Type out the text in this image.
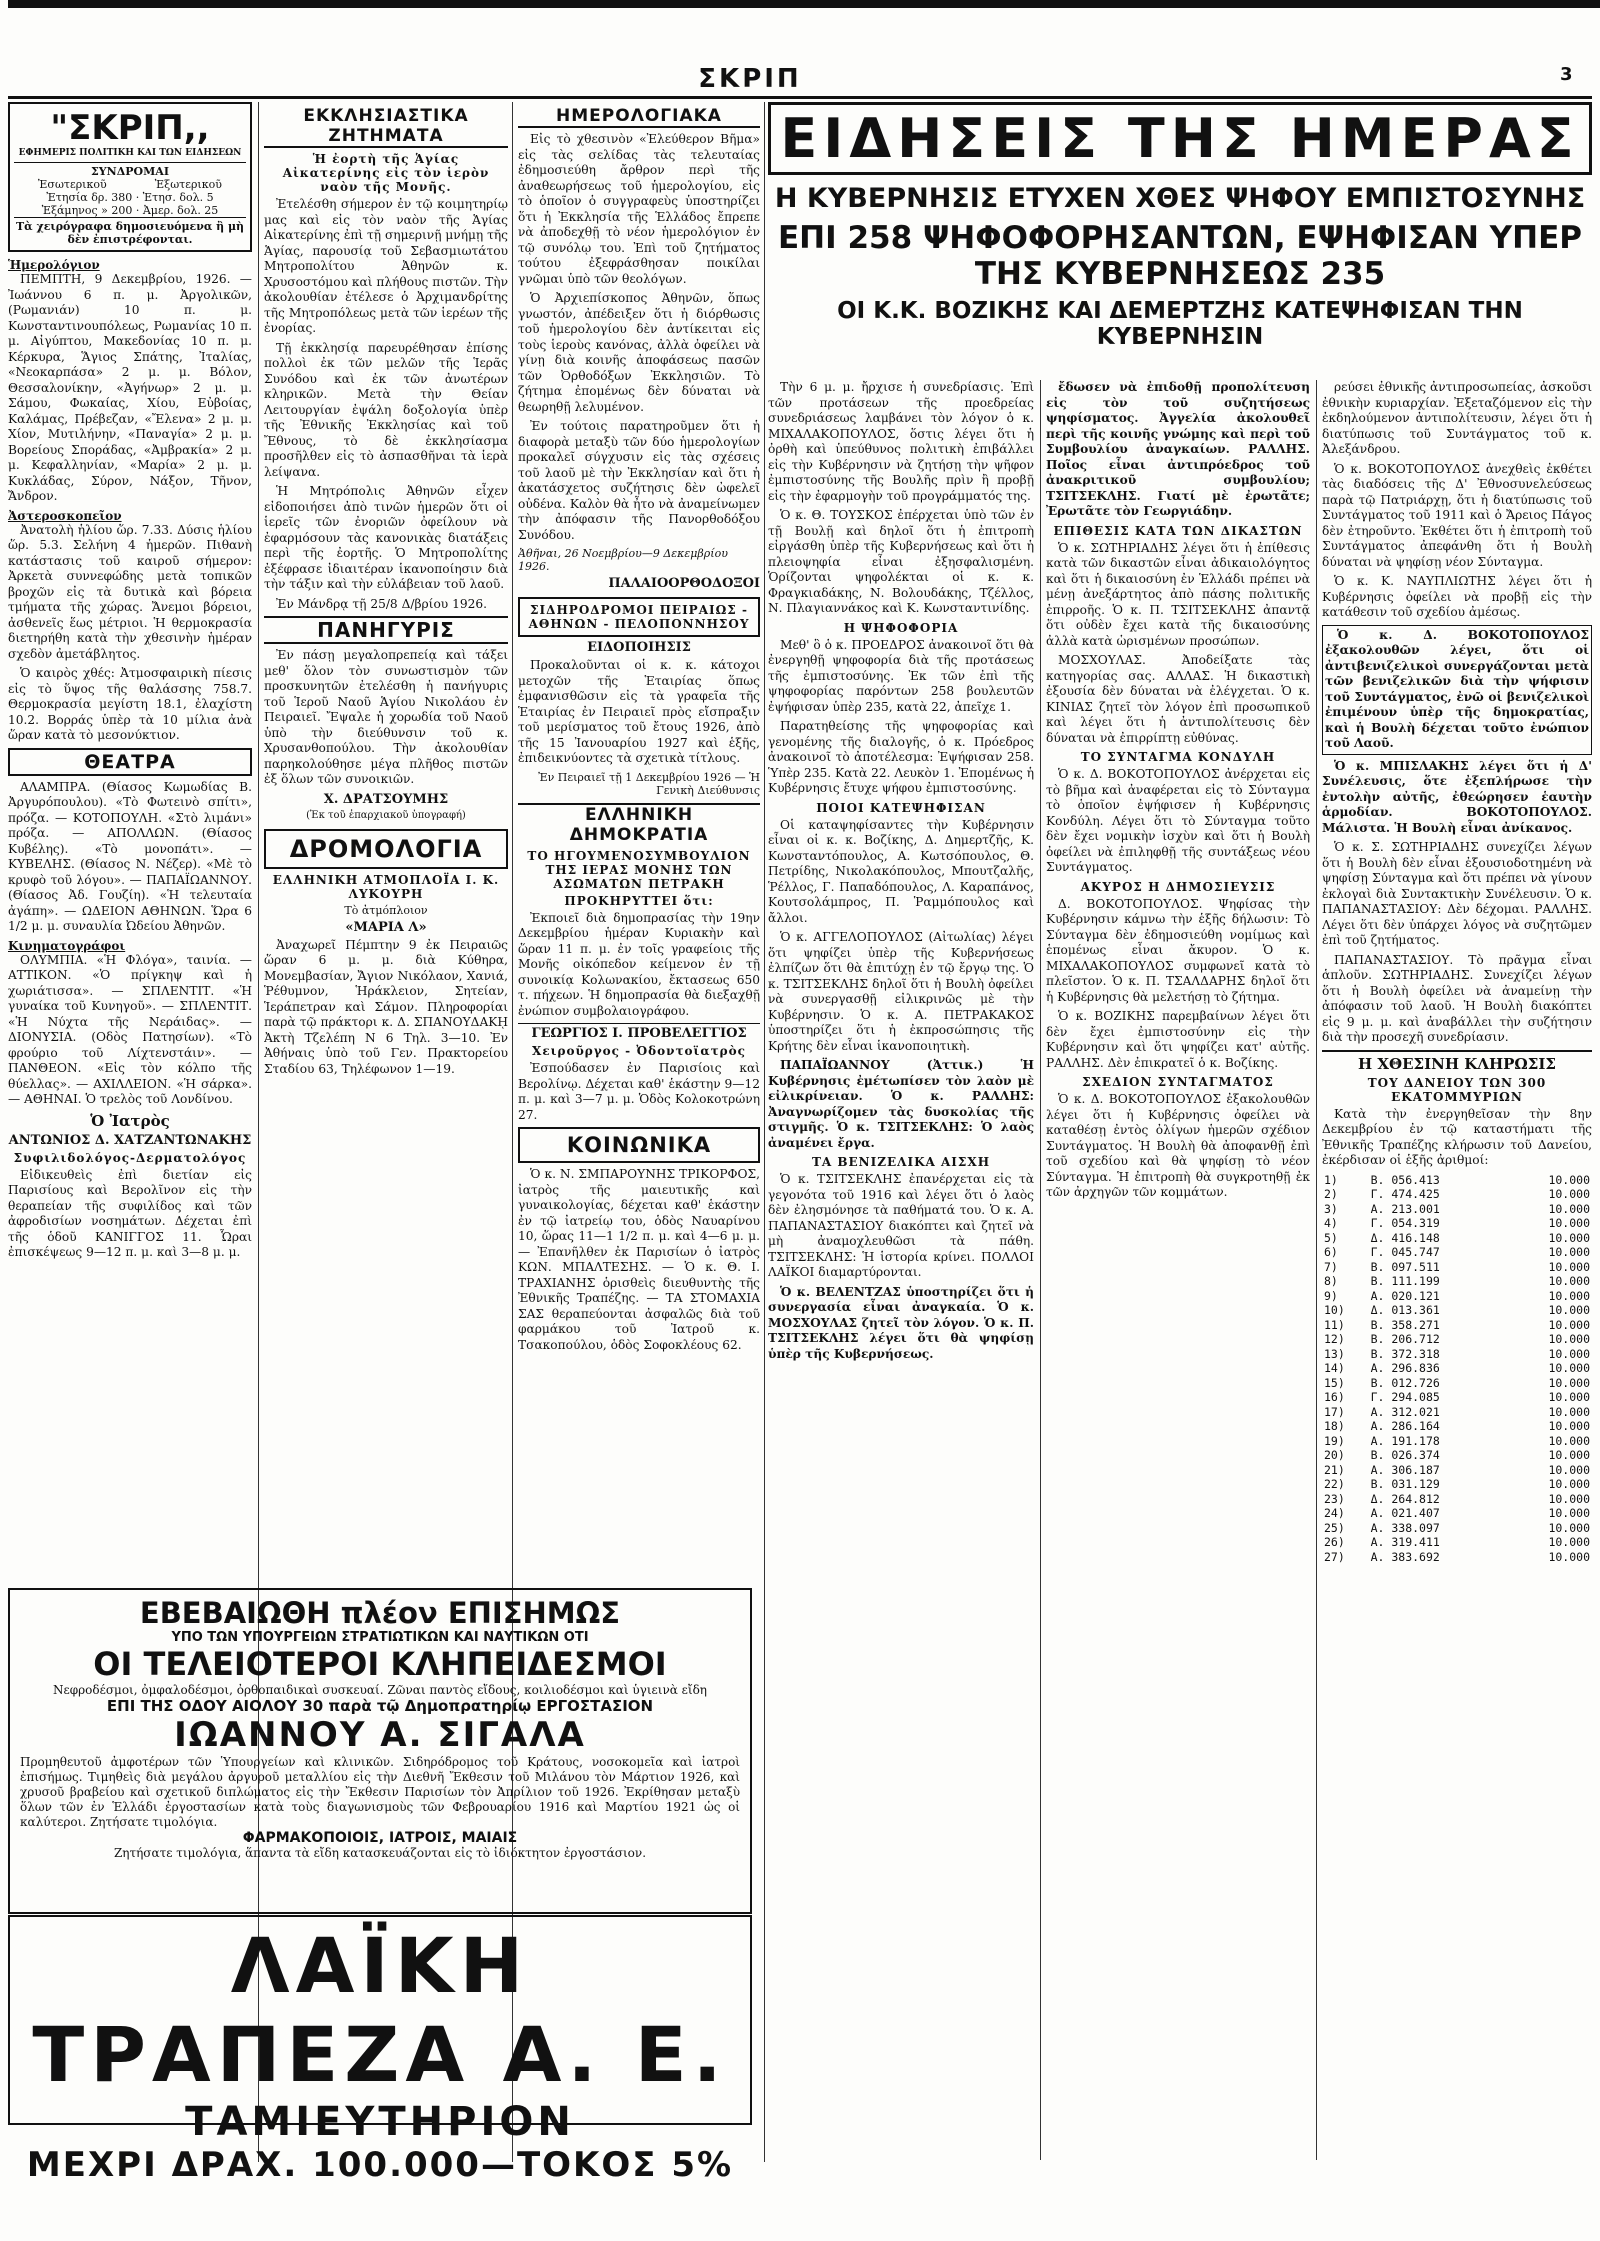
ΣΚΡΙΠ	3
"ΣΚΡΙΠ,,
ΕΦΗΜΕΡΙΣ ΠΟΛΙΤΙΚΗ ΚΑΙ ΤΩΝ ΕΙΔΗΣΕΩΝ
ΣΥΝΔΡΟΜΑΙ
Ἐσωτερικοῦ	Ἐξωτερικοῦ
Ἐτησία δρ. 380 · Ἐτησ. δολ. 5
Ἑξάμηνος » 200 · Ἀμερ. δολ. 25
Τὰ χειρόγραφα δημοσιευόμενα ἢ μὴ δὲν ἐπιστρέφονται.
Ἡμερολόγιον

ΠΕΜΠΤΗ, 9 Δεκεμβρίου, 1926. — Ἰωάννου 6 π. μ. Ἀργολικῶν, (Ρωμανιάν) 10 π. μ. Κωνσταντινουπόλεως, Ρωμανίας 10 π. μ. Αἰγύπτου, Μακεδονίας 10 π. μ. Κέρκυρα, Ἅγιος Σπάτης, Ἰταλίας, «Νεοκαρπάσα» 2 μ. μ. Βόλον, Θεσσαλονίκην, «Ἀγήνωρ» 2 μ. μ. Σάμου, Φωκαίας, Χίου, Εὐβοίας, Καλάμας, Πρέβεζαν, «Ἔλενα» 2 μ. μ. Χίον, Μυτιλήνην, «Παναγία» 2 μ. μ. Βορείους Σποράδας, «Ἀμβρακία» 2 μ. μ. Κεφαλληνίαν, «Μαρία» 2 μ. μ. Κυκλάδας, Σύρον, Νάξον, Τῆνον, Ἄνδρον.

Ἀστεροσκοπεῖον

Ἀνατολὴ ἡλίου ὥρ. 7.33. Δύσις ἡλίου ὥρ. 5.3. Σελήνη 4 ἡμερῶν. Πιθανὴ κατάστασις τοῦ καιροῦ σήμερον: Ἀρκετὰ συννεφώδης μετὰ τοπικῶν βροχῶν εἰς τὰ δυτικὰ καὶ βόρεια τμήματα τῆς χώρας. Ἄνεμοι βόρειοι, ἀσθενεῖς ἕως μέτριοι. Ἡ θερμοκρασία διετηρήθη κατὰ τὴν χθεσινὴν ἡμέραν σχεδὸν ἀμετάβλητος.

Ὁ καιρὸς χθές: Ἀτμοσφαιρικὴ πίεσις εἰς τὸ ὕψος τῆς θαλάσσης 758.7. Θερμοκρασία μεγίστη 18.1, ἐλαχίστη 10.2. Βορράς ὑπὲρ τὰ 10 μίλια ἀνὰ ὥραν κατὰ τὸ μεσονύκτιον.

ΘΕΑΤΡΑ

ΑΛΑΜΠΡΑ. (Θίασος Κωμωδίας Β. Ἀργυρόπουλου). «Τὸ Φωτεινὸ σπίτι», πρόζα. — ΚΟΤΟΠΟΥΛΗ. «Στὸ λιμάνι» πρόζα. — ΑΠΟΛΛΩΝ. (Θίασος Κυβέλης). «Τὸ μονοπάτι». — ΚΥΒΕΛΗΣ. (Θίασος Ν. Νέζερ). «Μὲ τὸ κρυφὸ τοῦ λόγου». — ΠΑΠΑΪΩΑΝΝΟΥ. (Θίασος Ἀδ. Γουζίη). «Ἡ τελευταία ἀγάπη». — ΩΔΕΙΟΝ ΑΘΗΝΩΝ. Ὥρα 6 1/2 μ. μ. συναυλία Ὠδείου Ἀθηνῶν.

Κινηματογράφοι

ΟΛΥΜΠΙΑ. «Ἡ Φλόγα», ταινία. — ΑΤΤΙΚΟΝ. «Ὁ πρίγκηψ καὶ ἡ χωριάτισσα». — ΣΠΛΕΝΤΙΤ. «Ἡ γυναίκα τοῦ Κυνηγοῦ». — ΣΠΛΕΝΤΙΤ. «Ἡ Νύχτα τῆς Νεράιδας». — ΔΙΟΝΥΣΙΑ. (Οδὸς Πατησίων). «Τὸ φρούριο τοῦ Λίχτενστάιν». — ΠΑΝΘΕΟΝ. «Εἰς τὸν κόλπο τῆς θύελλας». — ΑΧΙΛΛΕΙΟΝ. «Ἡ σάρκα». — ΑΘΗΝΑΙ. Ὁ τρελὸς τοῦ Λονδίνου.

Ὁ Ἰατρὸς
ΑΝΤΩΝΙΟΣ Δ. ΧΑΤΖΑΝΤΩΝΑΚΗΣ
Συφιλιδολόγος-Δερματολόγος

Εἰδικευθεὶς ἐπὶ διετίαν εἰς Παρισίους καὶ Βερολῖνον εἰς τὴν θεραπείαν τῆς συφιλίδος καὶ τῶν ἀφροδισίων νοσημάτων. Δέχεται ἐπὶ τῆς ὁδοῦ ΚΑΝΙΓΓΟΣ 11. Ὧραι ἐπισκέψεως 9—12 π. μ. καὶ 3—8 μ. μ.

ΕΚΚΛΗΣΙΑΣΤΙΚΑ ΖΗΤΗΜΑΤΑ
Ἡ ἐορτὴ τῆς Ἁγίας Αἰκατερίνης εἰς τὸν ἱερὸν ναὸν τῆς Μονῆς.

Ἐτελέσθη σήμερον ἐν τῷ κοιμητηρίῳ μας καὶ εἰς τὸν ναὸν τῆς Ἁγίας Αἰκατερίνης ἐπὶ τῇ σημερινῇ μνήμῃ τῆς Ἁγίας, παρουσίᾳ τοῦ Σεβασμιωτάτου Μητροπολίτου Ἀθηνῶν κ. Χρυσοστόμου καὶ πλήθους πιστῶν. Τὴν ἀκολουθίαν ἐτέλεσε ὁ Ἀρχιμανδρίτης τῆς Μητροπόλεως μετὰ τῶν ἱερέων τῆς ἐνορίας.

Τῇ ἐκκλησίᾳ παρευρέθησαν ἐπίσης πολλοὶ ἐκ τῶν μελῶν τῆς Ἱερᾶς Συνόδου καὶ ἐκ τῶν ἀνωτέρων κληρικῶν. Μετὰ τὴν Θείαν Λειτουργίαν ἐψάλη δοξολογία ὑπὲρ τῆς Ἐθνικῆς Ἐκκλησίας καὶ τοῦ Ἔθνους, τὸ δὲ ἐκκλησίασμα προσῆλθεν εἰς τὸ ἀσπασθῆναι τὰ ἱερὰ λείψανα.

Ἡ Μητρόπολις Ἀθηνῶν εἶχεν εἰδοποιήσει ἀπὸ τινῶν ἡμερῶν ὅτι οἱ ἱερεῖς τῶν ἐνοριῶν ὀφείλουν νὰ ἐφαρμόσουν τὰς κανονικὰς διατάξεις περὶ τῆς ἐορτῆς. Ὁ Μητροπολίτης ἐξέφρασε ἰδιαιτέραν ἱκανοποίησιν διὰ τὴν τάξιν καὶ τὴν εὐλάβειαν τοῦ λαοῦ.

Ἐν Μάνδρᾳ τῇ 25/8 Δ/βρίου 1926.

ΠΑΝΗΓΥΡΙΣ

Ἐν πάσῃ μεγαλοπρεπείᾳ καὶ τάξει μεθ' ὅλον τὸν συνωστισμὸν τῶν προσκυνητῶν ἐτελέσθη ἡ πανήγυρις τοῦ Ἱεροῦ Ναοῦ Ἁγίου Νικολάου ἐν Πειραιεῖ. Ἔψαλε ἡ χορωδία τοῦ Ναοῦ ὑπὸ τὴν διεύθυνσιν τοῦ κ. Χρυσανθοπούλου. Τὴν ἀκολουθίαν παρηκολούθησε μέγα πλῆθος πιστῶν ἐξ ὅλων τῶν συνοικιῶν.

Χ. ΔΡΑΤΣΟΥΜΗΣ
(Ἐκ τοῦ ἐπαρχιακοῦ ὑπογραφή)
ΔΡΟΜΟΛΟΓΙΑ
ΕΛΛΗΝΙΚΗ ΑΤΜΟΠΛΟΪΑ Ι. Κ. ΛΥΚΟΥΡΗ
Τὸ ἀτμόπλοιον
«ΜΑΡΙΑ Λ»

Ἀναχωρεῖ Πέμπτην 9 ἐκ Πειραιῶς ὥραν 6 μ. μ. διὰ Κύθηρα, Μονεμβασίαν, Ἄγιον Νικόλαον, Χανιά, Ῥέθυμνον, Ἡράκλειον, Σητείαν, Ἱεράπετραν καὶ Σάμον. Πληροφορίαι παρὰ τῷ πράκτορι κ. Δ. ΣΠΑΝΟΥΔΑΚῌ Ἀκτὴ Τζελέπη Ν 6 Τηλ. 3—10. Ἐν Ἀθήναις ὑπὸ τοῦ Γεν. Πρακτορείου Σταδίου 63, Τηλέφωνον 1—19.

ΗΜΕΡΟΛΟΓΙΑΚΑ

Εἰς τὸ χθεσινὸν «Ἐλεύθερον Βῆμα» εἰς τὰς σελίδας τὰς τελευταίας ἐδημοσιεύθη ἄρθρον περὶ τῆς ἀναθεωρήσεως τοῦ ἡμερολογίου, εἰς τὸ ὁποῖον ὁ συγγραφεὺς ὑποστηρίζει ὅτι ἡ Ἐκκλησία τῆς Ἑλλάδος ἔπρεπε νὰ ἀποδεχθῇ τὸ νέον ἡμερολόγιον ἐν τῷ συνόλῳ του. Ἐπὶ τοῦ ζητήματος τούτου ἐξεφράσθησαν ποικίλαι γνῶμαι ὑπὸ τῶν θεολόγων.

Ὁ Ἀρχιεπίσκοπος Ἀθηνῶν, ὅπως γνωστόν, ἀπέδειξεν ὅτι ἡ διόρθωσις τοῦ ἡμερολογίου δὲν ἀντίκειται εἰς τοὺς ἱεροὺς κανόνας, ἀλλὰ ὀφείλει νὰ γίνῃ διὰ κοινῆς ἀποφάσεως πασῶν τῶν Ὀρθοδόξων Ἐκκλησιῶν. Τὸ ζήτημα ἐπομένως δὲν δύναται νὰ θεωρηθῇ λελυμένον.

Ἐν τούτοις παρατηροῦμεν ὅτι ἡ διαφορὰ μεταξὺ τῶν δύο ἡμερολογίων προκαλεῖ σύγχυσιν εἰς τὰς σχέσεις τοῦ λαοῦ μὲ τὴν Ἐκκλησίαν καὶ ὅτι ἡ ἀκατάσχετος συζήτησις δὲν ὠφελεῖ οὐδένα. Καλὸν θὰ ἦτο νὰ ἀναμείνωμεν τὴν ἀπόφασιν τῆς Πανορθοδόξου Συνόδου.

Ἀθῆναι, 26 Νοεμβρίου—9 Δεκεμβρίου 1926.
ΠΑΛΑΙΟΟΡΘΟΔΟΞΟΙ
ΣΙΔΗΡΟΔΡΟΜΟΙ ΠΕΙΡΑΙΩΣ - ΑΘΗΝΩΝ - ΠΕΛΟΠΟΝΝΗΣΟΥ
ΕΙΔΟΠΟΙΗΣΙΣ

Προκαλοῦνται οἱ κ. κ. κάτοχοι μετοχῶν τῆς Ἑταιρίας ὅπως ἐμφανισθῶσιν εἰς τὰ γραφεῖα τῆς Ἑταιρίας ἐν Πειραιεῖ πρὸς εἴσπραξιν τοῦ μερίσματος τοῦ ἔτους 1926, ἀπὸ τῆς 15 Ἰανουαρίου 1927 καὶ ἑξῆς, ἐπιδεικνύοντες τὰ σχετικὰ τίτλους.

Ἐν Πειραιεῖ τῇ 1 Δεκεμβρίου 1926 — Ἡ Γενικὴ Διεύθυνσις
ΕΛΛΗΝΙΚΗ ΔΗΜΟΚΡΑΤΙΑ
ΤΟ ΗΓΟΥΜΕΝΟΣΥΜΒΟΥΛΙΟΝ ΤΗΣ ΙΕΡΑΣ ΜΟΝΗΣ ΤΩΝ ΑΣΩΜΑΤΩΝ ΠΕΤΡΑΚΗ
ΠΡΟΚΗΡΥΤΤΕΙ ὅτι:

Ἐκποιεῖ διὰ δημοπρασίας τὴν 19ην Δεκεμβρίου ἡμέραν Κυριακὴν καὶ ὥραν 11 π. μ. ἐν τοῖς γραφείοις τῆς Μονῆς οἰκόπεδον κείμενον ἐν τῇ συνοικίᾳ Κολωνακίου, ἔκτασεως 650 τ. πήχεων. Ἡ δημοπρασία θὰ διεξαχθῇ ἐνώπιον συμβολαιογράφου.

ΓΕΩΡΓΙΟΣ Ι. ΠΡΟΒΕΛΕΓΓΙΟΣ
Χειροῦργος - Ὀδοντοϊατρὸς

Ἐσπούδασεν ἐν Παρισίοις καὶ Βερολίνῳ. Δέχεται καθ' ἑκάστην 9—12 π. μ. καὶ 3—7 μ. μ. Ὁδὸς Κολοκοτρώνη 27.

ΚΟΙΝΩΝΙΚΑ

Ὁ κ. Ν. ΣΜΠΑΡΟΥΝΗΣ ΤΡΙΚΟΡΦΟΣ, ἰατρὸς τῆς μαιευτικῆς καὶ γυναικολογίας, δέχεται καθ' ἑκάστην ἐν τῷ ἰατρείῳ του, ὁδὸς Ναυαρίνου 10, ὥρας 11—1 1/2 π. μ. καὶ 4—6 μ. μ. — Ἐπανῆλθεν ἐκ Παρισίων ὁ ἰατρὸς ΚΩΝ. ΜΠΑΛΤΕΣΗΣ. — Ὁ κ. Θ. Ι. ΤΡΑΧΙΑΝΗΣ ὁρισθεὶς διευθυντὴς τῆς Ἐθνικῆς Τραπέζης. — ΤΑ ΣΤΟΜΑΧΙΑ ΣΑΣ θεραπεύονται ἀσφαλῶς διὰ τοῦ φαρμάκου τοῦ Ἰατροῦ κ. Τσακοπούλου, ὁδὸς Σοφοκλέους 62.

ΕΙΔΗΣΕΙΣ ΤΗΣ ΗΜΕΡΑΣ
Η ΚΥΒΕΡΝΗΣΙΣ ΕΤΥΧΕΝ ΧΘΕΣ ΨΗΦΟΥ ΕΜΠΙΣΤΟΣΥΝΗΣ
ΕΠΙ 258 ΨΗΦΟΦΟΡΗΣΑΝΤΩΝ, ΕΨΗΦΙΣΑΝ ΥΠΕΡ ΤΗΣ ΚΥΒΕΡΝΗΣΕΩΣ 235
ΟΙ Κ.Κ. ΒΟΖΙΚΗΣ ΚΑΙ ΔΕΜΕΡΤΖΗΣ ΚΑΤΕΨΗΦΙΣΑΝ ΤΗΝ ΚΥΒΕΡΝΗΣΙΝ

Τὴν 6 μ. μ. ἤρχισε ἡ συνεδρίασις. Ἐπὶ τῶν προτάσεων τῆς προεδρείας συνεδριάσεως λαμβάνει τὸν λόγον ὁ κ. ΜΙΧΑΛΑΚΟΠΟΥΛΟΣ, ὅστις λέγει ὅτι ἡ ὀρθὴ καὶ ὑπεύθυνος πολιτικὴ ἐπιβάλλει εἰς τὴν Κυβέρνησιν νὰ ζητήσῃ τὴν ψῆφον ἐμπιστοσύνης τῆς Βουλῆς πρὶν ἢ προβῇ εἰς τὴν ἐφαρμογὴν τοῦ προγράμματός της.

Ὁ κ. Θ. ΤΟΥΣΚΟΣ ἐπέρχεται ὑπὸ τῶν ἐν τῇ Βουλῇ καὶ δηλοῖ ὅτι ἡ ἐπιτροπὴ εἰργάσθη ὑπὲρ τῆς Κυβερνήσεως καὶ ὅτι ἡ πλειοψηφία εἶναι ἐξησφαλισμένη. Ὁρίζονται ψηφολέκται οἱ κ. κ. Φραγκιαδάκης, Ν. Βολουδάκης, Τζέλλος, Ν. Πλαγιαννάκος καὶ Κ. Κωνσταντινίδης.

Η ΨΗΦΟΦΟΡΙΑ

Μεθ' ὃ ὁ κ. ΠΡΟΕΔΡΟΣ ἀνακοινοῖ ὅτι θὰ ἐνεργηθῇ ψηφοφορία διὰ τῆς προτάσεως τῆς ἐμπιστοσύνης. Ἐκ τῶν ἐπὶ τῆς ψηφοφορίας παρόντων 258 βουλευτῶν ἐψήφισαν ὑπὲρ 235, κατὰ 22, ἀπεῖχε 1.

Παρατηθείσης τῆς ψηφοφορίας καὶ γενομένης τῆς διαλογῆς, ὁ κ. Πρόεδρος ἀνακοινοῖ τὸ ἀποτέλεσμα: Ἐψήφισαν 258. Ὑπὲρ 235. Κατὰ 22. Λευκὸν 1. Ἐπομένως ἡ Κυβέρνησις ἔτυχε ψήφου ἐμπιστοσύνης.

ΠΟΙΟΙ ΚΑΤΕΨΗΦΙΣΑΝ

Οἱ καταψηφίσαντες τὴν Κυβέρνησιν εἶναι οἱ κ. κ. Βοζίκης, Δ. Δημερτζῆς, Κ. Κωνσταντόπουλος, Α. Κωτσόπουλος, Θ. Πετρίδης, Νικολακόπουλος, Μπουτζαλῆς, Ῥέλλος, Γ. Παπαδόπουλος, Λ. Καραπάνος, Κουτσολάμπρος, Π. Ῥαμμόπουλος καὶ ἄλλοι.

Ὁ κ. ΑΓΓΕΛΟΠΟΥΛΟΣ (Αἰτωλίας) λέγει ὅτι ψηφίζει ὑπὲρ τῆς Κυβερνήσεως ἐλπίζων ὅτι θὰ ἐπιτύχῃ ἐν τῷ ἔργῳ της. Ὁ κ. ΤΣΙΤΣΕΚΛΗΣ δηλοῖ ὅτι ἡ Βουλὴ ὀφείλει νὰ συνεργασθῇ εἰλικρινῶς μὲ τὴν Κυβέρνησιν. Ὁ κ. Α. ΠΕΤΡΑΚΑΚΟΣ ὑποστηρίζει ὅτι ἡ ἐκπροσώπησις τῆς Κρήτης δὲν εἶναι ἱκανοποιητικὴ.

ΠΑΠΑΪΩΑΝΝΟΥ (Ἀττικ.) Ἡ Κυβέρνησις ἐμέτωπίσεν τὸν λαὸν μὲ εἰλικρίνειαν. Ὁ κ. ΡΑΛΛΗΣ: Ἀναγνωρίζομεν τὰς δυσκολίας τῆς στιγμῆς. Ὁ κ. ΤΣΙΤΣΕΚΛΗΣ: Ὁ λαὸς ἀναμένει ἔργα.

ΤΑ ΒΕΝΙΖΕΛΙΚΑ ΑΙΣΧΗ

Ὁ κ. ΤΣΙΤΣΕΚΛΗΣ ἐπανέρχεται εἰς τὰ γεγονότα τοῦ 1916 καὶ λέγει ὅτι ὁ λαὸς δὲν ἐλησμόνησε τὰ παθήματά του. Ὁ κ. Α. ΠΑΠΑΝΑΣΤΑΣΙΟΥ διακόπτει καὶ ζητεῖ νὰ μὴ ἀναμοχλευθῶσι τὰ πάθη. ΤΣΙΤΣΕΚΛΗΣ: Ἡ ἱστορία κρίνει. ΠΟΛΛΟΙ ΛΑΪΚΟΙ διαμαρτύρονται.

Ὁ κ. ΒΕΛΕΝΤΖΑΣ ὑποστηρίζει ὅτι ἡ συνεργασία εἶναι ἀναγκαία. Ὁ κ. ΜΟΣΧΟΥΛΑΣ ζητεῖ τὸν λόγον. Ὁ κ. Π. ΤΣΙΤΣΕΚΛΗΣ λέγει ὅτι θὰ ψηφίσῃ ὑπὲρ τῆς Κυβερνήσεως.

ἔδωσεν νὰ ἐπιδοθῇ προπολίτευση εἰς τὸν τοῦ συζητήσεως ψηφίσματος. Ἀγγελία ἀκολουθεῖ περὶ τῆς κοινῆς γνώμης καὶ περὶ τοῦ Συμβουλίου ἀναγκαίων. ΡΑΛΛΗΣ. Ποῖος εἶναι ἀντιπρόεδρος τοῦ ἀνακριτικοῦ συμβουλίου; ΤΣΙΤΣΕΚΛΗΣ. Γιατί μὲ ἐρωτᾶτε; Ἐρωτᾶτε τὸν Γεωργιάδην.

ΕΠΙΘΕΣΙΣ ΚΑΤΑ ΤΩΝ ΔΙΚΑΣΤΩΝ

Ὁ κ. ΣΩΤΗΡΙΑΔΗΣ λέγει ὅτι ἡ ἐπίθεσις κατὰ τῶν δικαστῶν εἶναι ἀδικαιολόγητος καὶ ὅτι ἡ δικαιοσύνη ἐν Ἑλλάδι πρέπει νὰ μένῃ ἀνεξάρτητος ἀπὸ πάσης πολιτικῆς ἐπιρροῆς. Ὁ κ. Π. ΤΣΙΤΣΕΚΛΗΣ ἀπαντᾷ ὅτι οὐδὲν ἔχει κατὰ τῆς δικαιοσύνης ἀλλὰ κατὰ ὡρισμένων προσώπων.

ΜΟΣΧΟΥΛΑΣ. Ἀποδείξατε τὰς κατηγορίας σας. ΑΛΛΑΣ. Ἡ δικαστικὴ ἐξουσία δὲν δύναται νὰ ἐλέγχεται. Ὁ κ. ΚΙΝΙΑΣ ζητεῖ τὸν λόγον ἐπὶ προσωπικοῦ καὶ λέγει ὅτι ἡ ἀντιπολίτευσις δὲν δύναται νὰ ἐπιρρίπτῃ εὐθύνας.

ΤΟ ΣΥΝΤΑΓΜΑ ΚΟΝΔΥΛΗ

Ὁ κ. Δ. ΒΟΚΟΤΟΠΟΥΛΟΣ ἀνέρχεται εἰς τὸ βῆμα καὶ ἀναφέρεται εἰς τὸ Σύνταγμα τὸ ὁποῖον ἐψήφισεν ἡ Κυβέρνησις Κονδύλη. Λέγει ὅτι τὸ Σύνταγμα τοῦτο δὲν ἔχει νομικὴν ἰσχὺν καὶ ὅτι ἡ Βουλὴ ὀφείλει νὰ ἐπιληφθῇ τῆς συντάξεως νέου Συντάγματος.

ΑΚΥΡΟΣ Η ΔΗΜΟΣΙΕΥΣΙΣ

Δ. ΒΟΚΟΤΟΠΟΥΛΟΣ. Ψηφίσας τὴν Κυβέρνησιν κάμνω τὴν ἑξῆς δήλωσιν: Τὸ Σύνταγμα δὲν ἐδημοσιεύθη νομίμως καὶ ἑπομένως εἶναι ἄκυρον. Ὁ κ. ΜΙΧΑΛΑΚΟΠΟΥΛΟΣ συμφωνεῖ κατὰ τὸ πλεῖστον. Ὁ κ. Π. ΤΣΑΛΔΑΡΗΣ δηλοῖ ὅτι ἡ Κυβέρνησις θὰ μελετήσῃ τὸ ζήτημα.

Ὁ κ. ΒΟΖΙΚΗΣ παρεμβαίνων λέγει ὅτι δὲν ἔχει ἐμπιστοσύνην εἰς τὴν Κυβέρνησιν καὶ ὅτι ψηφίζει κατ' αὐτῆς. ΡΑΛΛΗΣ. Δὲν ἐπικρατεῖ ὁ κ. Βοζίκης.

ΣΧΕΔΙΟΝ ΣΥΝΤΑΓΜΑΤΟΣ

Ὁ κ. Δ. ΒΟΚΟΤΟΠΟΥΛΟΣ ἐξακολουθῶν λέγει ὅτι ἡ Κυβέρνησις ὀφείλει νὰ καταθέσῃ ἐντὸς ὀλίγων ἡμερῶν σχέδιον Συντάγματος. Ἡ Βουλὴ θὰ ἀποφανθῇ ἐπὶ τοῦ σχεδίου καὶ θὰ ψηφίσῃ τὸ νέον Σύνταγμα. Ἡ ἐπιτροπὴ θὰ συγκροτηθῇ ἐκ τῶν ἀρχηγῶν τῶν κομμάτων.

ρεύσει ἐθνικῆς ἀντιπροσωπείας, ἀσκοῦσι ἐθνικὴν κυριαρχίαν. Ἐξεταζόμενον εἰς τὴν ἐκδηλούμενον ἀντιπολίτευσιν, λέγει ὅτι ἡ διατύπωσις τοῦ Συντάγματος τοῦ κ. Ἀλεξάνδρου.

Ὁ κ. ΒΟΚΟΤΟΠΟΥΛΟΣ ἀνεχθεὶς ἐκθέτει τὰς διαδόσεις τῆς Δ' Ἐθνοσυνελεύσεως παρὰ τῷ Πατριάρχῃ, ὅτι ἡ διατύπωσις τοῦ Συντάγματος τοῦ 1911 καὶ ὁ Ἄρειος Πάγος δὲν ἐτηροῦντο. Ἐκθέτει ὅτι ἡ ἐπιτροπὴ τοῦ Συντάγματος ἀπεφάνθη ὅτι ἡ Βουλὴ δύναται νὰ ψηφίσῃ νέον Σύνταγμα.

Ὁ κ. Κ. ΝΑΥΠΛΙΩΤΗΣ λέγει ὅτι ἡ Κυβέρνησις ὀφείλει νὰ προβῇ εἰς τὴν κατάθεσιν τοῦ σχεδίου ἀμέσως.

Ὁ κ. Δ. ΒΟΚΟΤΟΠΟΥΛΟΣ ἐξακολουθῶν λέγει, ὅτι οἱ ἀντιβενιζελικοὶ συνεργάζονται μετὰ τῶν βενιζελικῶν διὰ τὴν ψήφισιν τοῦ Συντάγματος, ἐνῶ οἱ βενιζελικοὶ ἐπιμένουν ὑπὲρ τῆς δημοκρατίας, καὶ ἡ Βουλὴ δέχεται τοῦτο ἐνώπιον τοῦ Λαοῦ.

Ὁ κ. ΜΠΙΣΛΑΚΗΣ λέγει ὅτι ἡ Δ' Συνέλευσις, ὅτε ἐξεπλήρωσε τὴν ἐντολὴν αὐτῆς, ἐθεώρησεν ἑαυτὴν ἁρμοδίαν. ΒΟΚΟΤΟΠΟΥΛΟΣ. Μάλιστα. Ἡ Βουλὴ εἶναι ἀνίκανος.

Ὁ κ. Σ. ΣΩΤΗΡΙΑΔΗΣ συνεχίζει λέγων ὅτι ἡ Βουλὴ δὲν εἶναι ἐξουσιοδοτημένη νὰ ψηφίσῃ Σύνταγμα καὶ ὅτι πρέπει νὰ γίνουν ἐκλογαὶ διὰ Συντακτικὴν Συνέλευσιν. Ὁ κ. ΠΑΠΑΝΑΣΤΑΣΙΟΥ: Δὲν δέχομαι. ΡΑΛΛΗΣ. Λέγει ὅτι δὲν ὑπάρχει λόγος νὰ συζητῶμεν ἐπὶ τοῦ ζητήματος.

ΠΑΠΑΝΑΣΤΑΣΙΟΥ. Τὸ πρᾶγμα εἶναι ἁπλοῦν. ΣΩΤΗΡΙΑΔΗΣ. Συνεχίζει λέγων ὅτι ἡ Βουλὴ ὀφείλει νὰ ἀναμείνῃ τὴν ἀπόφασιν τοῦ λαοῦ. Ἡ Βουλὴ διακόπτει εἰς 9 μ. μ. καὶ ἀναβάλλει τὴν συζήτησιν διὰ τὴν προσεχῆ συνεδρίασιν.

Η ΧΘΕΣΙΝΗ ΚΛΗΡΩΣΙΣ
ΤΟΥ ΔΑΝΕΙΟΥ ΤΩΝ 300 ΕΚΑΤΟΜΜΥΡΙΩΝ

Κατὰ τὴν ἐνεργηθεῖσαν τὴν 8ην Δεκεμβρίου ἐν τῷ καταστήματι τῆς Ἐθνικῆς Τραπέζης κλήρωσιν τοῦ Δανείου, ἐκέρδισαν οἱ ἑξῆς ἀριθμοί:

1)	Β. 056.413	10.000
2)	Γ. 474.425	10.000
3)	Α. 213.001	10.000
4)	Γ. 054.319	10.000
5)	Δ. 416.148	10.000
6)	Γ. 045.747	10.000
7)	Β. 097.511	10.000
8)	Β. 111.199	10.000
9)	Α. 020.121	10.000
10)	Δ. 013.361	10.000
11)	Β. 358.271	10.000
12)	Β. 206.712	10.000
13)	Β. 372.318	10.000
14)	Α. 296.836	10.000
15)	Β. 012.726	10.000
16)	Γ. 294.085	10.000
17)	Α. 312.021	10.000
18)	Α. 286.164	10.000
19)	Α. 191.178	10.000
20)	Β. 026.374	10.000
21)	Α. 306.187	10.000
22)	Β. 031.129	10.000
23)	Δ. 264.812	10.000
24)	Α. 021.407	10.000
25)	Α. 338.097	10.000
26)	Α. 319.411	10.000
27)	Α. 383.692	10.000
ΕΒΕΒΑΙΩΘΗ πλέον ΕΠΙΣΗΜΩΣ
ΥΠΟ ΤΩΝ ΥΠΟΥΡΓΕΙΩΝ ΣΤΡΑΤΙΩΤΙΚΩΝ ΚΑΙ ΝΑΥΤΙΚΩΝ ΟΤΙ
ΟΙ ΤΕΛΕΙΟΤΕΡΟΙ ΚΛΗΠΕΙΔΕΣΜΟΙ
Νεφροδέσμοι, ὀμφαλοδέσμοι, ὀρθοπαιδικαὶ συσκευαί. Ζῶναι παντὸς εἴδους, κοιλιοδέσμοι καὶ ὑγιεινὰ εἴδη
ΕΠΙ ΤΗΣ ΟΔΟΥ ΑΙΟΛΟΥ 30 παρὰ τῷ Δημοπρατηρίῳ ΕΡΓΟΣΤΑΣΙΟΝ
ΙΩΑΝΝΟΥ Α. ΣΙΓΑΛΑ
Προμηθευτοῦ ἀμφοτέρων τῶν Ὑπουργείων καὶ κλινικῶν. Σιδηρόδρομος τοῦ Κράτους, νοσοκομεῖα καὶ ἰατροὶ ἐπισήμως. Τιμηθεὶς διὰ μεγάλου ἀργυροῦ μεταλλίου εἰς τὴν Διεθνῆ Ἔκθεσιν τοῦ Μιλάνου τὸν Μάρτιον 1926, καὶ χρυσοῦ βραβείου καὶ σχετικοῦ διπλώματος εἰς τὴν Ἔκθεσιν Παρισίων τὸν Ἀπρίλιον τοῦ 1926. Ἐκρίθησαν μεταξὺ ὅλων τῶν ἐν Ἑλλάδι ἐργοστασίων κατὰ τοὺς διαγωνισμοὺς τῶν Φεβρουαρίου 1916 καὶ Μαρτίου 1921 ὡς οἱ καλύτεροι. Ζητήσατε τιμολόγια.
ΦΑΡΜΑΚΟΠΟΙΟΙΣ, ΙΑΤΡΟΙΣ, ΜΑΙΑΙΣ
Ζητήσατε τιμολόγια, ἅπαντα τὰ εἴδη κατασκευάζονται εἰς τὸ ἰδιόκτητον ἐργοστάσιον.
ΛΑΪΚΗ ΤΡΑΠΕΖΑ Α. Ε.
ΤΑΜΙΕΥΤΗΡΙΟΝ
ΜΕΧΡΙ ΔΡΑΧ. 100.000—ΤΟΚΟΣ 5%
